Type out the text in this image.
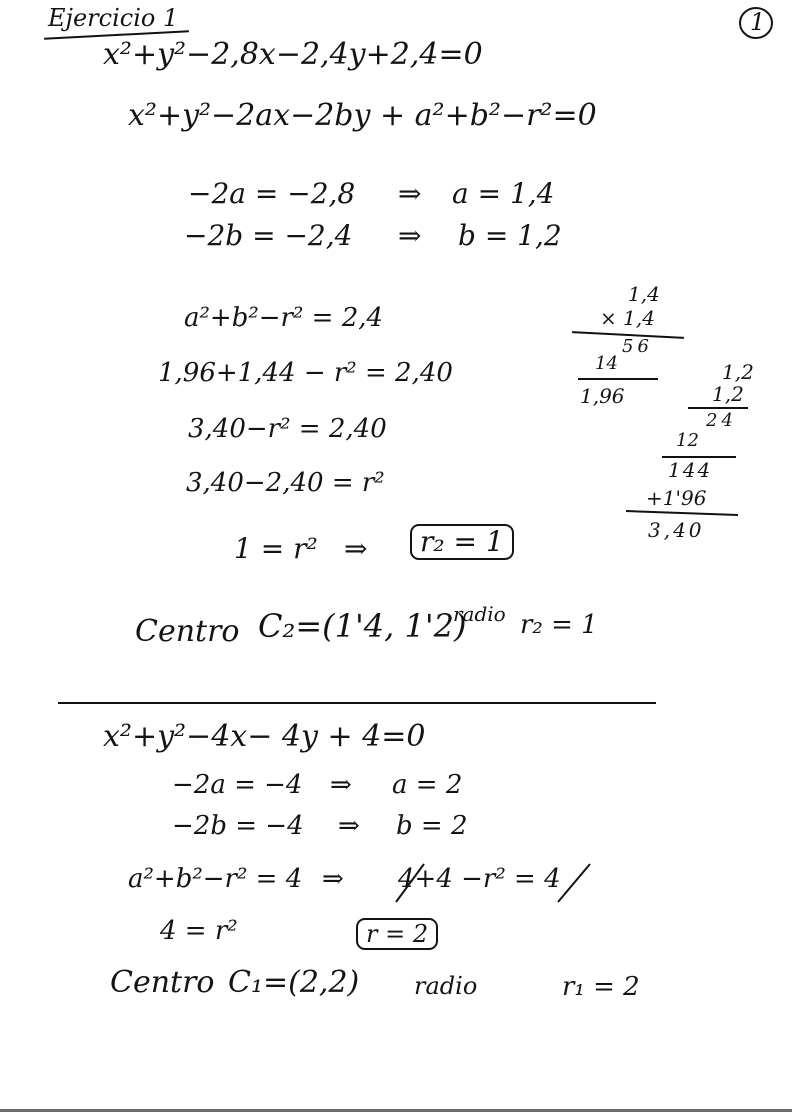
Ejercicio 1	1
x²+y²−2,8x−2,4y+2,4=0
x²+y²−2ax−2by + a²+b²−r²=0
−2a = −2,8 ⇒ a = 1,4
−2b = −2,4 ⇒ b = 1,2
a²+b²−r² = 2,4
1,96+1,44 − r² = 2,40
3,40−r² = 2,40
3,40−2,40 = r²
1 = r² ⇒	r₂ = 1
Centro C₂=(1'4, 1'2)
radio r₂ = 1
1,4
× 1,4
56
14
1,96
1,2
1,2
24
12
144
+1'96
3,40
x²+y²−4x− 4y + 4=0
−2a = −4 ⇒ a = 2
−2b = −4 ⇒ b = 2
a²+b²−r² = 4 ⇒ 4+4 −r² = 4
4 = r²	r = 2
Centro C₁=(2,2) radio	r₁ = 2
